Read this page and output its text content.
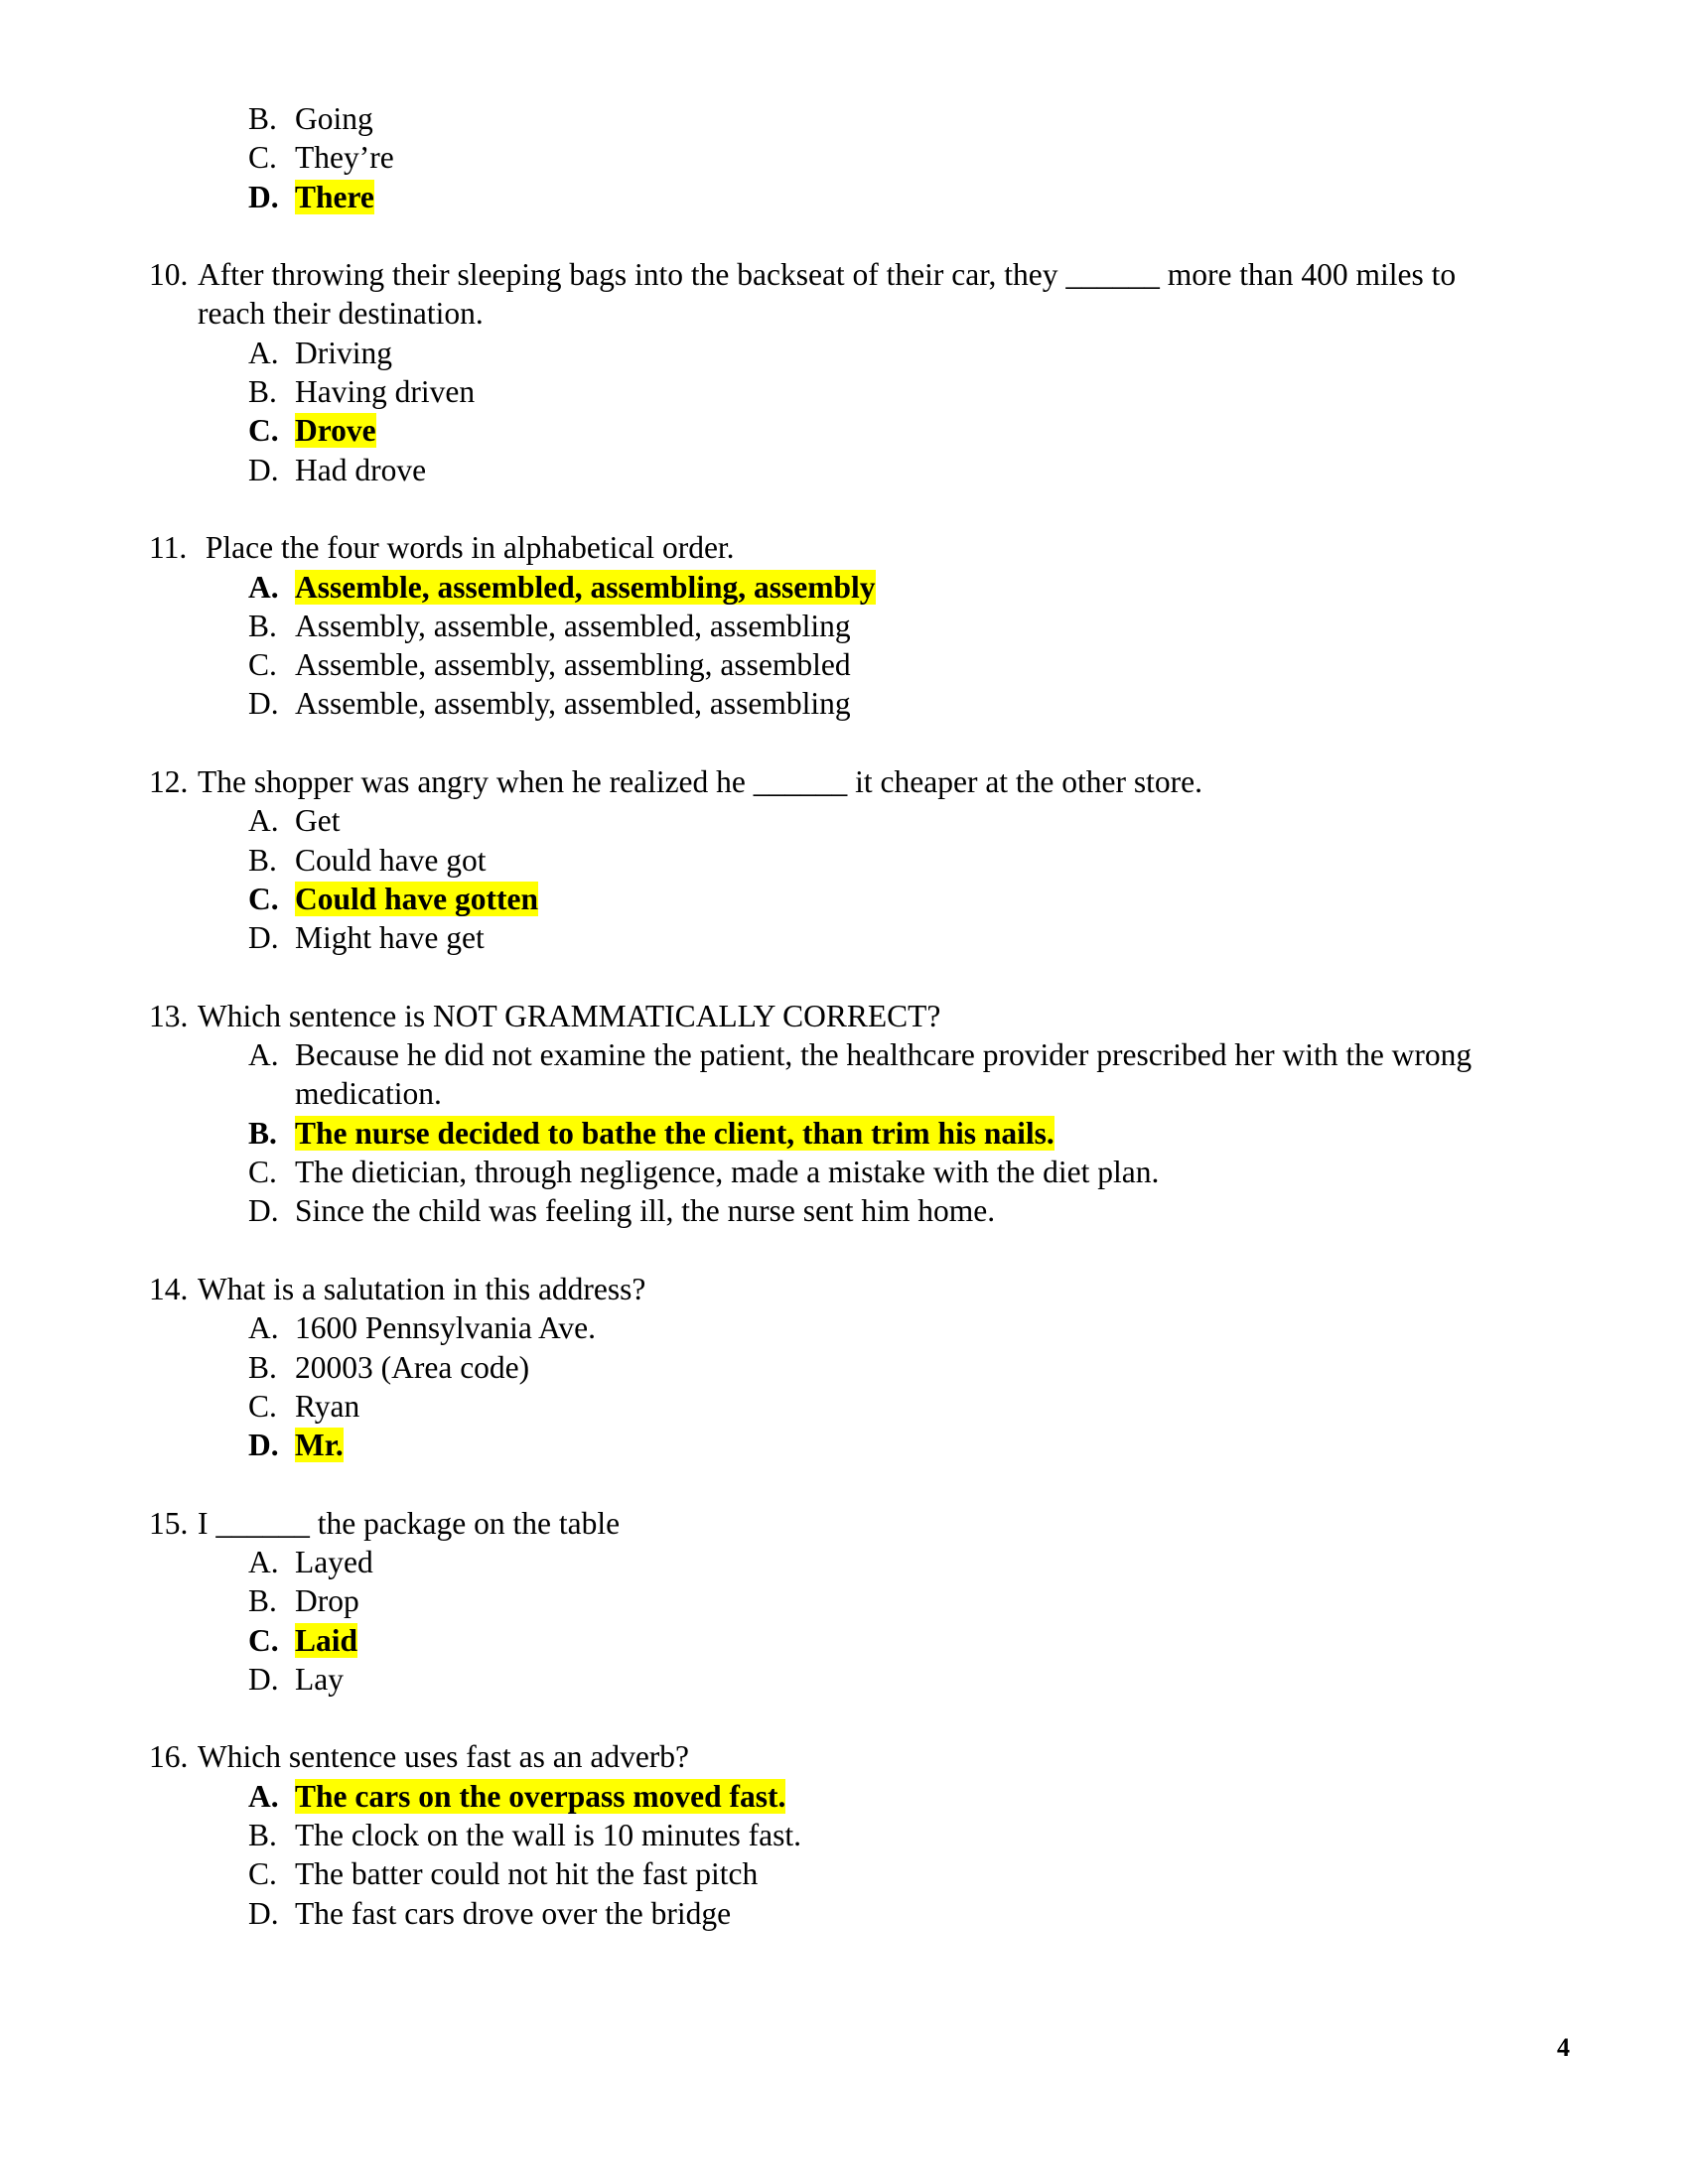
B. Going
C. They’re
D. There
10. After throwing their sleeping bags into the backseat of their car, they ______ more than 400 miles to reach their destination.
A. Driving
B. Having driven
C. Drove
D. Had drove
11. Place the four words in alphabetical order.
A. Assemble, assembled, assembling, assembly
B. Assembly, assemble, assembled, assembling
C. Assemble, assembly, assembling, assembled
D. Assemble, assembly, assembled, assembling
12. The shopper was angry when he realized he ______ it cheaper at the other store.
A. Get
B. Could have got
C. Could have gotten
D. Might have get
13. Which sentence is NOT GRAMMATICALLY CORRECT?
A. Because he did not examine the patient, the healthcare provider prescribed her with the wrong medication.
B. The nurse decided to bathe the client, than trim his nails.
C. The dietician, through negligence, made a mistake with the diet plan.
D. Since the child was feeling ill, the nurse sent him home.
14. What is a salutation in this address?
A. 1600 Pennsylvania Ave.
B. 20003 (Area code)
C. Ryan
D. Mr.
15. I ______ the package on the table
A. Layed
B. Drop
C. Laid
D. Lay
16. Which sentence uses fast as an adverb?
A. The cars on the overpass moved fast.
B. The clock on the wall is 10 minutes fast.
C. The batter could not hit the fast pitch
D. The fast cars drove over the bridge
4
